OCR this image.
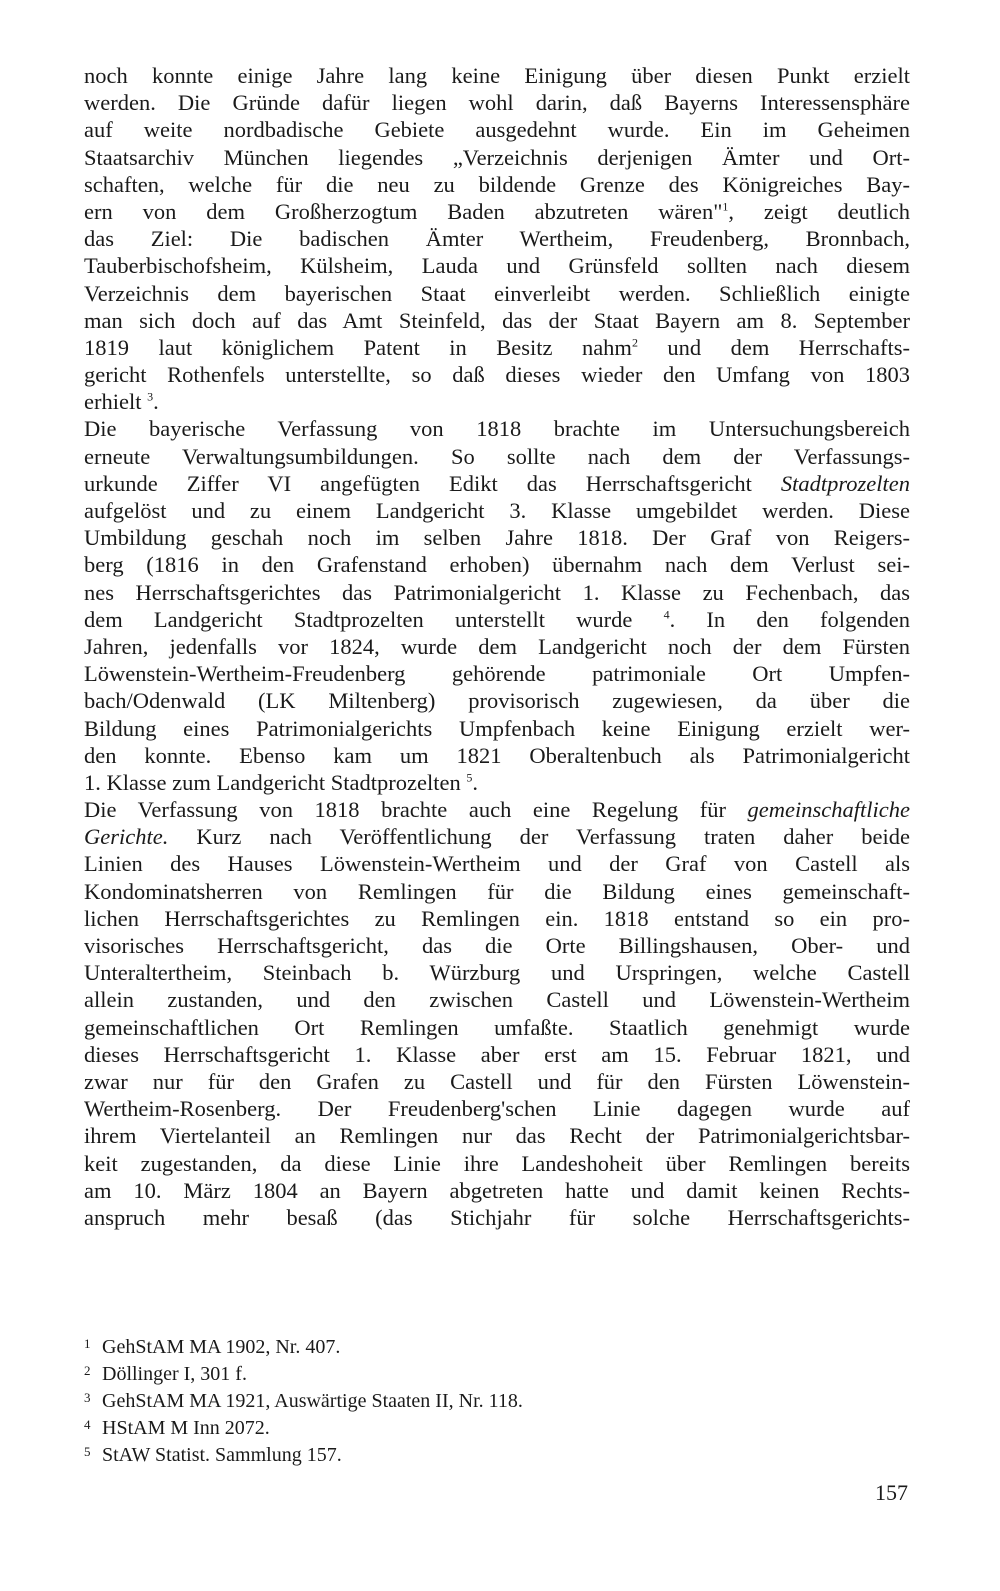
noch konnte einige Jahre lang keine Einigung über diesen Punkt erzielt
werden. Die Gründe dafür liegen wohl darin, daß Bayerns Interessensphäre
auf weite nordbadische Gebiete ausgedehnt wurde. Ein im Geheimen
Staatsarchiv München liegendes „Verzeichnis derjenigen Ämter und Ort-
schaften, welche für die neu zu bildende Grenze des Königreiches Bay-
ern von dem Großherzogtum Baden abzutreten wären"$^1$, zeigt deutlich
das Ziel: Die badischen Ämter Wertheim, Freudenberg, Bronnbach,
Tauberbischofsheim, Külsheim, Lauda und Grünsfeld sollten nach diesem
Verzeichnis dem bayerischen Staat einverleibt werden. Schließlich einigte
man sich doch auf das Amt Steinfeld, das der Staat Bayern am 8. September
1819 laut königlichem Patent in Besitz nahm$^2$ und dem Herrschafts-
gericht Rothenfels unterstellte, so daß dieses wieder den Umfang von 1803
erhielt $^3$.
Die bayerische Verfassung von 1818 brachte im Untersuchungsbereich
erneute Verwaltungsumbildungen. So sollte nach dem der Verfassungs-
urkunde Ziffer VI angefügten Edikt das Herrschaftsgericht Stadtprozelten
aufgelöst und zu einem Landgericht 3. Klasse umgebildet werden. Diese
Umbildung geschah noch im selben Jahre 1818. Der Graf von Reigers-
berg (1816 in den Grafenstand erhoben) übernahm nach dem Verlust sei-
nes Herrschaftsgerichtes das Patrimonialgericht 1. Klasse zu Fechenbach, das
dem Landgericht Stadtprozelten unterstellt wurde	$^4$. In den folgenden
Jahren, jedenfalls vor 1824, wurde dem Landgericht noch der dem Fürsten
Löwenstein-Wertheim-Freudenberg gehörende patrimoniale Ort Umpfen-
bach/Odenwald (LK Miltenberg) provisorisch zugewiesen, da über die
Bildung eines Patrimonialgerichts Umpfenbach keine Einigung erzielt wer-
den konnte. Ebenso kam um 1821 Oberaltenbuch als Patrimonialgericht
1. Klasse zum Landgericht Stadtprozelten $^5$.
Die Verfassung von 1818 brachte auch eine Regelung für gemeinschaftliche
Gerichte. Kurz nach Veröffentlichung der Verfassung traten daher beide
Linien des Hauses Löwenstein-Wertheim und der Graf von Castell als
Kondominatsherren von Remlingen für die Bildung eines gemeinschaft-
lichen Herrschaftsgerichtes zu Remlingen ein. 1818 entstand so ein pro-
visorisches Herrschaftsgericht, das die Orte Billingshausen, Ober- und
Unteraltertheim, Steinbach b. Würzburg und Urspringen, welche Castell
allein zustanden, und den zwischen Castell und Löwenstein-Wertheim
gemeinschaftlichen Ort Remlingen umfaßte. Staatlich genehmigt wurde
dieses Herrschaftsgericht 1. Klasse aber erst am 15. Februar 1821, und
zwar nur für den Grafen zu Castell und für den Fürsten Löwenstein-
Wertheim-Rosenberg. Der Freudenberg'schen Linie dagegen wurde auf
ihrem Viertelanteil an Remlingen nur das Recht der Patrimonialgerichtsbar-
keit zugestanden, da diese Linie ihre Landeshoheit über Remlingen bereits
am 10. März 1804 an Bayern abgetreten hatte und damit keinen Rechts-
anspruch mehr besaß (das Stichjahr für solche Herrschaftsgerichts-
1 GehStAM MA 1902, Nr. 407.
2 Döllinger I, 301 f.
3 GehStAM MA 1921, Auswärtige Staaten II, Nr. 118.
4 HStAM M Inn 2072.
5 StAW Statist. Sammlung 157.
157
